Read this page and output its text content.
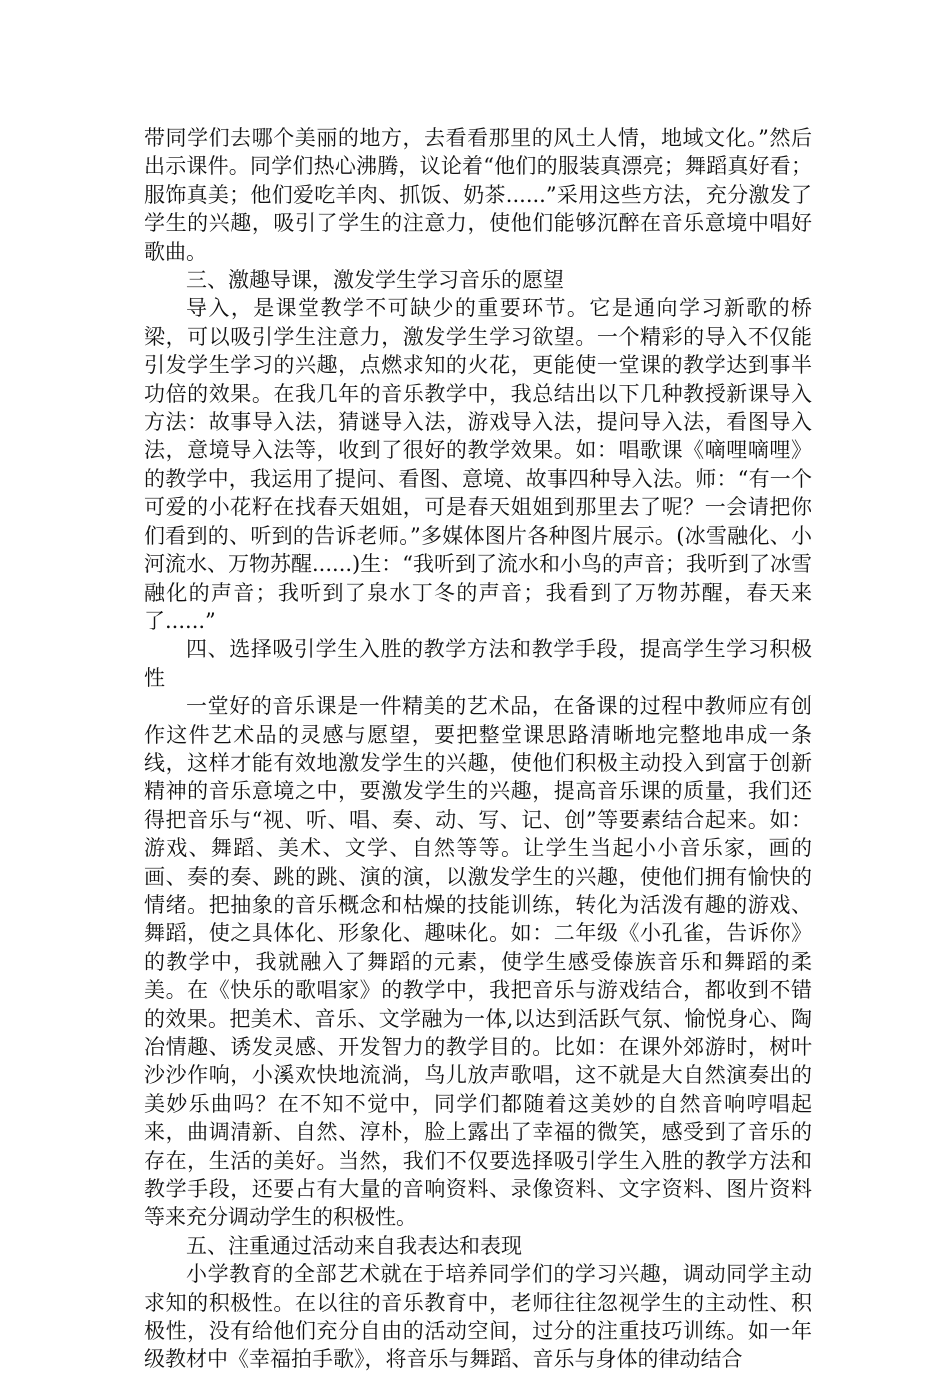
带同学们去哪个美丽的地方，去看看那里的风土人情，地域文化。”然后出示课件。同学们热心沸腾，议论着“他们的服装真漂亮；舞蹈真好看；服饰真美；他们爱吃羊肉、抓饭、奶茶......”采用这些方法，充分激发了学生的兴趣，吸引了学生的注意力，使他们能够沉醉在音乐意境中唱好歌曲。

三、激趣导课，激发学生学习音乐的愿望

导入，是课堂教学不可缺少的重要环节。它是通向学习新歌的桥梁，可以吸引学生注意力，激发学生学习欲望。一个精彩的导入不仅能引发学生学习的兴趣，点燃求知的火花，更能使一堂课的教学达到事半功倍的效果。在我几年的音乐教学中，我总结出以下几种教授新课导入方法：故事导入法，猜谜导入法，游戏导入法，提问导入法，看图导入法，意境导入法等，收到了很好的教学效果。如：唱歌课《嘀哩嘀哩》的教学中，我运用了提问、看图、意境、故事四种导入法。师：“有一个可爱的小花籽在找春天姐姐，可是春天姐姐到那里去了呢？一会请把你们看到的、听到的告诉老师。”多媒体图片各种图片展示。(冰雪融化、小河流水、万物苏醒......)生：“我听到了流水和小鸟的声音；我听到了冰雪融化的声音；我听到了泉水丁冬的声音；我看到了万物苏醒，春天来了......”

四、选择吸引学生入胜的教学方法和教学手段，提高学生学习积极性

一堂好的音乐课是一件精美的艺术品，在备课的过程中教师应有创作这件艺术品的灵感与愿望，要把整堂课思路清晰地完整地串成一条线，这样才能有效地激发学生的兴趣，使他们积极主动投入到富于创新精神的音乐意境之中，要激发学生的兴趣，提高音乐课的质量，我们还得把音乐与“视、听、唱、奏、动、写、记、创”等要素结合起来。如：游戏、舞蹈、美术、文学、自然等等。让学生当起小小音乐家，画的画、奏的奏、跳的跳、演的演，以激发学生的兴趣，使他们拥有愉快的情绪。把抽象的音乐概念和枯燥的技能训练，转化为活泼有趣的游戏、舞蹈，使之具体化、形象化、趣味化。如：二年级《小孔雀，告诉你》的教学中，我就融入了舞蹈的元素，使学生感受傣族音乐和舞蹈的柔美。在《快乐的歌唱家》的教学中，我把音乐与游戏结合，都收到不错的效果。把美术、音乐、文学融为一体,以达到活跃气氛、愉悦身心、陶冶情趣、诱发灵感、开发智力的教学目的。比如：在课外郊游时，树叶沙沙作响，小溪欢快地流淌，鸟儿放声歌唱，这不就是大自然演奏出的美妙乐曲吗？在不知不觉中，同学们都随着这美妙的自然音响哼唱起来，曲调清新、自然、淳朴，脸上露出了幸福的微笑，感受到了音乐的存在，生活的美好。当然，我们不仅要选择吸引学生入胜的教学方法和教学手段，还要占有大量的音响资料、录像资料、文字资料、图片资料等来充分调动学生的积极性。

五、注重通过活动来自我表达和表现

小学教育的全部艺术就在于培养同学们的学习兴趣，调动同学主动求知的积极性。在以往的音乐教育中，老师往往忽视学生的主动性、积极性，没有给他们充分自由的活动空间，过分的注重技巧训练。如一年级教材中《幸福拍手歌》，将音乐与舞蹈、音乐与身体的律动结合
